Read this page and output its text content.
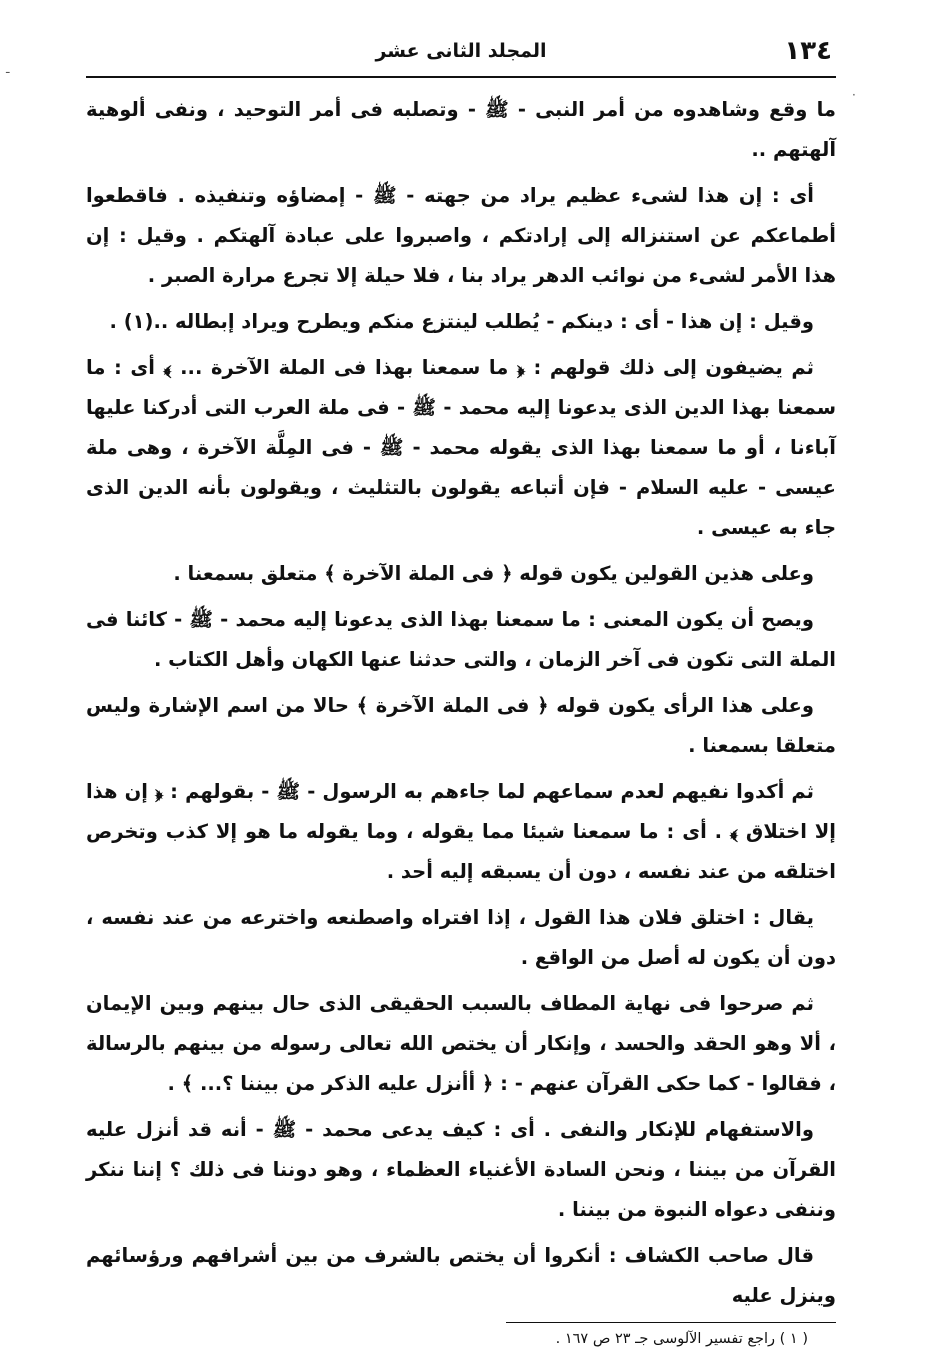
ـ
·
١٣٤
المجلد الثانى عشر

ما وقع وشاهدوه من أمر النبى - ﷺ - وتصلبه فى أمر التوحيد ، ونفى ألوهية آلهتهم ..

أى : إن هذا لشىء عظيم يراد من جهته - ﷺ - إمضاؤه وتنفيذه . فاقطعوا أطماعكم عن استنزاله إلى إرادتكم ، واصبروا على عبادة آلهتكم . وقيل : إن هذا الأمر لشىء من نوائب الدهر يراد بنا ، فلا حيلة إلا تجرع مرارة الصبر .

وقيل : إن هذا - أى : دينكم - يُطلب لينتزع منكم ويطرح ويراد إبطاله ..(١) .

ثم يضيفون إلى ذلك قولهم : ﴿ ما سمعنا بهذا فى الملة الآخرة ... ﴾ أى : ما سمعنا بهذا الدين الذى يدعونا إليه محمد - ﷺ - فى ملة العرب التى أدركنا عليها آباءنا ، أو ما سمعنا بهذا الذى يقوله محمد - ﷺ - فى المِلَّة الآخرة ، وهى ملة عيسى - عليه السلام - فإن أتباعه يقولون بالتثليث ، ويقولون بأنه الدين الذى جاء به عيسى .

وعلى هذين القولين يكون قوله ﴿ فى الملة الآخرة ﴾ متعلق بسمعنا .

ويصح أن يكون المعنى : ما سمعنا بهذا الذى يدعونا إليه محمد - ﷺ - كائنا فى الملة التى تكون فى آخر الزمان ، والتى حدثنا عنها الكهان وأهل الكتاب .

وعلى هذا الرأى يكون قوله ﴿ فى الملة الآخرة ﴾ حالا من اسم الإشارة وليس متعلقا بسمعنا .

ثم أكدوا نفيهم لعدم سماعهم لما جاءهم به الرسول - ﷺ - بقولهم : ﴿ إن هذا إلا اختلاق ﴾ . أى : ما سمعنا شيئا مما يقوله ، وما يقوله ما هو إلا كذب وتخرص اختلقه من عند نفسه ، دون أن يسبقه إليه أحد .

يقال : اختلق فلان هذا القول ، إذا افتراه واصطنعه واخترعه من عند نفسه ، دون أن يكون له أصل من الواقع .

ثم صرحوا فى نهاية المطاف بالسبب الحقيقى الذى حال بينهم وبين الإيمان ، ألا وهو الحقد والحسد ، وإنكار أن يختص الله تعالى رسوله من بينهم بالرسالة ، فقالوا - كما حكى القرآن عنهم - : ﴿ أأنزل عليه الذكر من بيننا ؟... ﴾ .

والاستفهام للإنكار والنفى . أى : كيف يدعى محمد - ﷺ - أنه قد أنزل عليه القرآن من بيننا ، ونحن السادة الأغنياء العظماء ، وهو دوننا فى ذلك ؟ إننا ننكر وننفى دعواه النبوة من بيننا .

قال صاحب الكشاف : أنكروا أن يختص بالشرف من بين أشرافهم ورؤسائهم وينزل عليه

( ١ ) راجع تفسير الآلوسى جـ ٢٣ ص ١٦٧ .
